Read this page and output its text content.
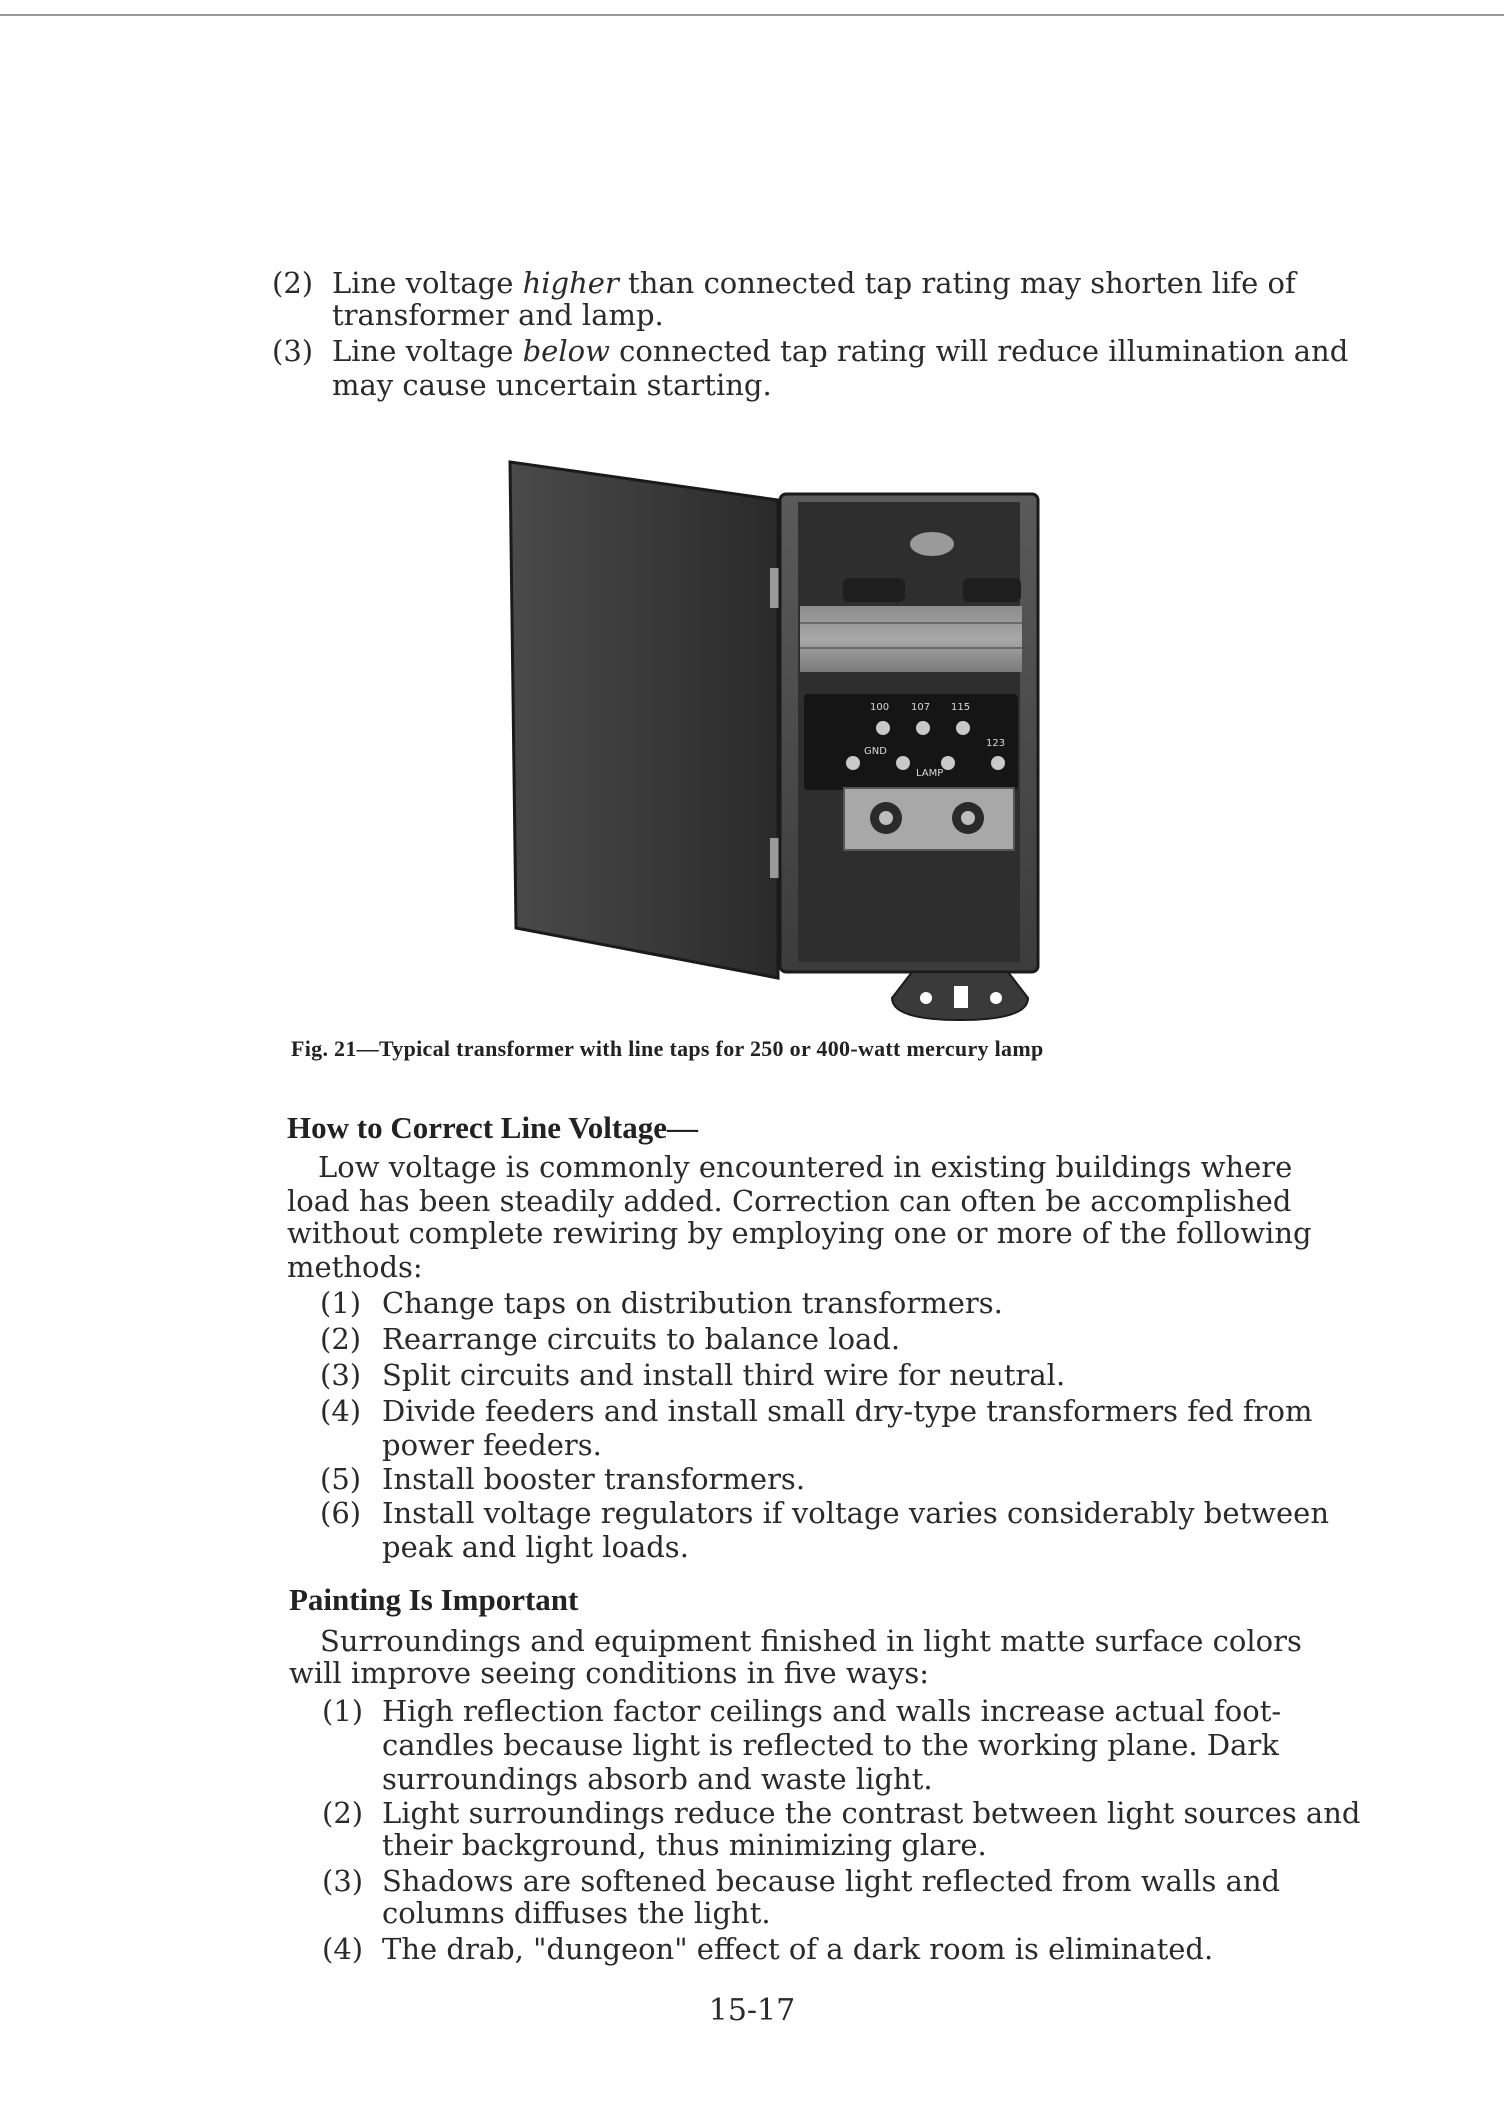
(2) Line voltage higher than connected tap rating may shorten life of
transformer and lamp.
(3) Line voltage below connected tap rating will reduce illumination and
may cause uncertain starting.
100 107 115
GND
LAMP
123
Fig. 21—Typical transformer with line taps for 250 or 400-watt mercury lamp
How to Correct Line Voltage—
Low voltage is commonly encountered in existing buildings where
load has been steadily added. Correction can often be accomplished
without complete rewiring by employing one or more of the following
methods:
(1) Change taps on distribution transformers.
(2) Rearrange circuits to balance load.
(3) Split circuits and install third wire for neutral.
(4) Divide feeders and install small dry-type transformers fed from
power feeders.
(5) Install booster transformers.
(6) Install voltage regulators if voltage varies considerably between
peak and light loads.
Painting Is Important
Surroundings and equipment finished in light matte surface colors
will improve seeing conditions in five ways:
(1) High reflection factor ceilings and walls increase actual foot-
candles because light is reflected to the working plane. Dark
surroundings absorb and waste light.
(2) Light surroundings reduce the contrast between light sources and
their background, thus minimizing glare.
(3) Shadows are softened because light reflected from walls and
columns diffuses the light.
(4) The drab, "dungeon" effect of a dark room is eliminated.
15-17
